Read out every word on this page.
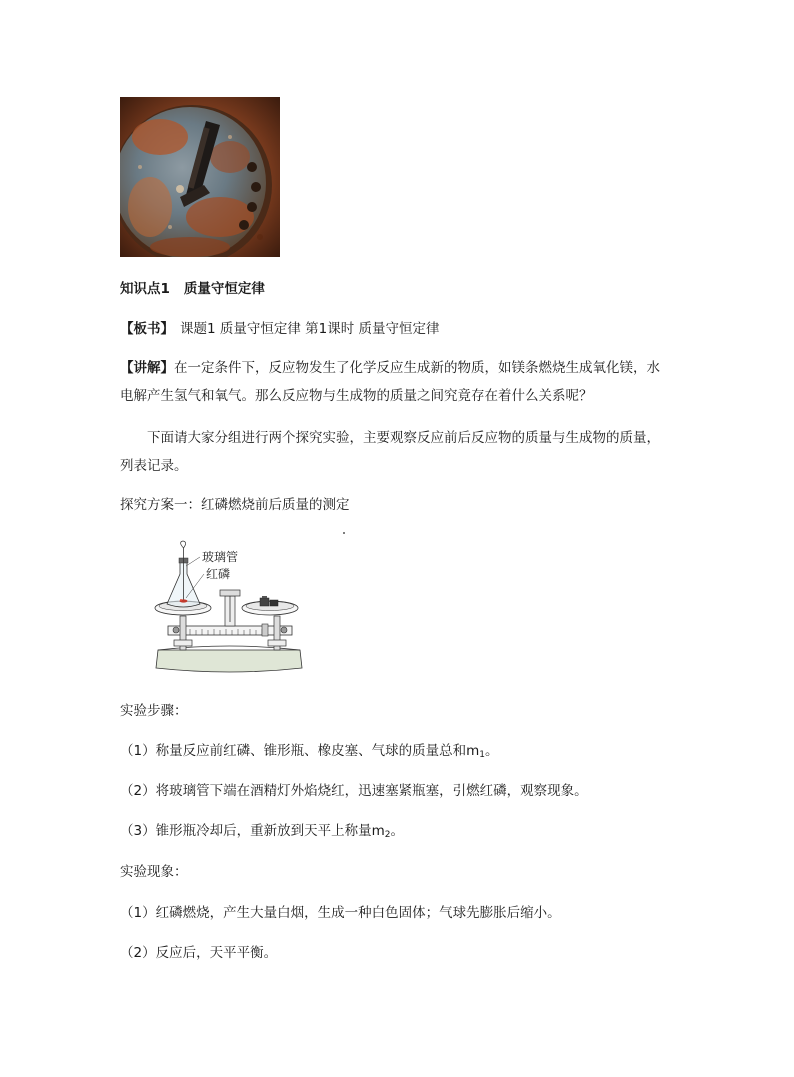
知识点1 质量守恒定律
【板书】 课题1 质量守恒定律 第1课时 质量守恒定律
【讲解】在一定条件下，反应物发生了化学反应生成新的物质，如镁条燃烧生成氧化镁，水
电解产生氢气和氧气。那么反应物与生成物的质量之间究竟存在着什么关系呢？
下面请大家分组进行两个探究实验，主要观察反应前后反应物的质量与生成物的质量，
列表记录。
探究方案一：红磷燃烧前后质量的测定
玻璃管
红磷
实验步骤：
（1）称量反应前红磷、锥形瓶、橡皮塞、气球的质量总和$m_1$。
（2）将玻璃管下端在酒精灯外焰烧红，迅速塞紧瓶塞，引燃红磷，观察现象。
（3）锥形瓶冷却后，重新放到天平上称量$m_2$。
实验现象：
（1）红磷燃烧，产生大量白烟，生成一种白色固体；气球先膨胀后缩小。
（2）反应后，天平平衡。
